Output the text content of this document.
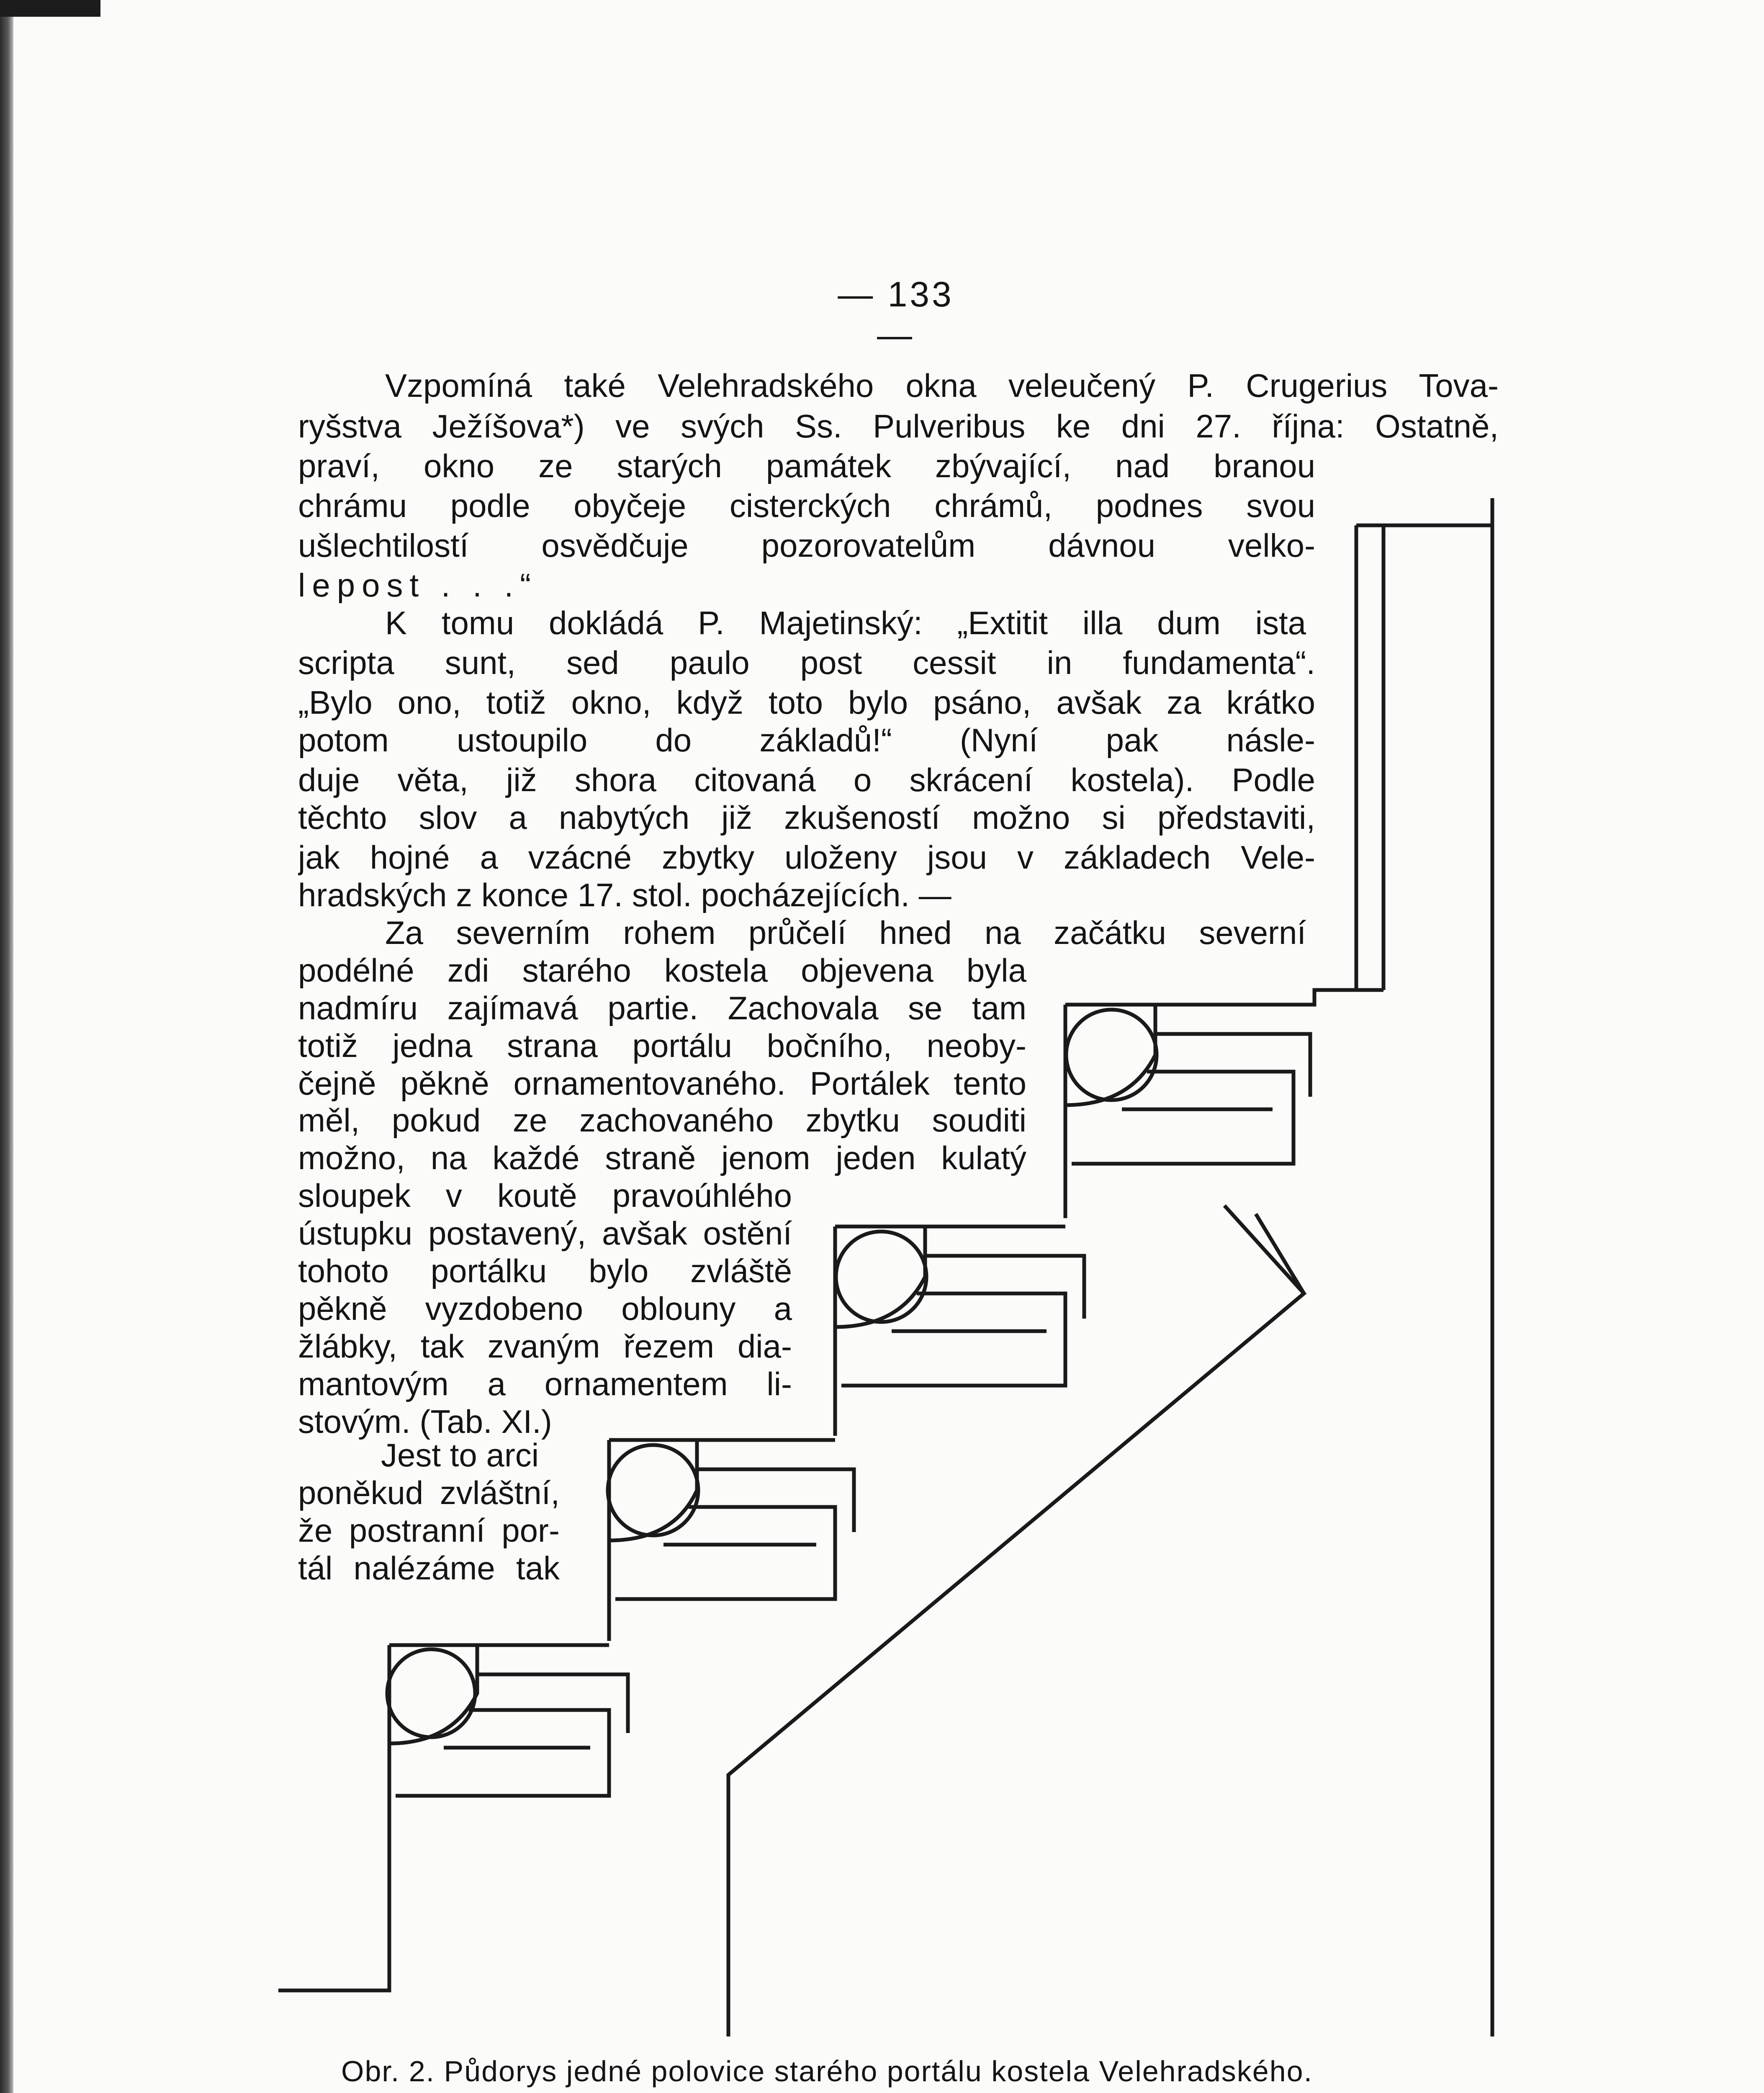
— 133 —
Vzpomíná také Velehradského okna veleučený P. Crugerius Tova-
ryšstva Ježíšova*) ve svých Ss. Pulveribus ke dni 27. října: Ostatně,
praví, okno ze starých památek zbývající, nad branou
chrámu podle obyčeje cisterckých chrámů, podnes svou
ušlechtilostí osvědčuje pozorovatelům dávnou velko-
lepost . . .“
K tomu dokládá P. Majetinský: „Extitit illa dum ista
scripta sunt, sed paulo post cessit in fundamenta“.
„Bylo ono, totiž okno, když toto bylo psáno, avšak za krátko
potom ustoupilo do základů!“ (Nyní pak násle-
duje věta, již shora citovaná o skrácení kostela). Podle
těchto slov a nabytých již zkušeností možno si představiti,
jak hojné a vzácné zbytky uloženy jsou v základech Vele-
hradských z konce 17. stol. pocházejících. —
Za severním rohem průčelí hned na začátku severní
podélné zdi starého kostela objevena byla
nadmíru zajímavá partie. Zachovala se tam
totiž jedna strana portálu bočního, neoby-
čejně pěkně ornamentovaného. Portálek tento
měl, pokud ze zachovaného zbytku souditi
možno, na každé straně jenom jeden kulatý
sloupek v koutě pravoúhlého
ústupku postavený, avšak ostění
tohoto portálku bylo zvláště
pěkně vyzdobeno oblouny a
žlábky, tak zvaným řezem dia-
mantovým a ornamentem li-
stovým. (Tab. XI.)
Jest to arci
poněkud zvláštní,
že postranní por-
tál nalézáme tak
Obr. 2. Půdorys jedné polovice starého portálu kostela Velehradského.
